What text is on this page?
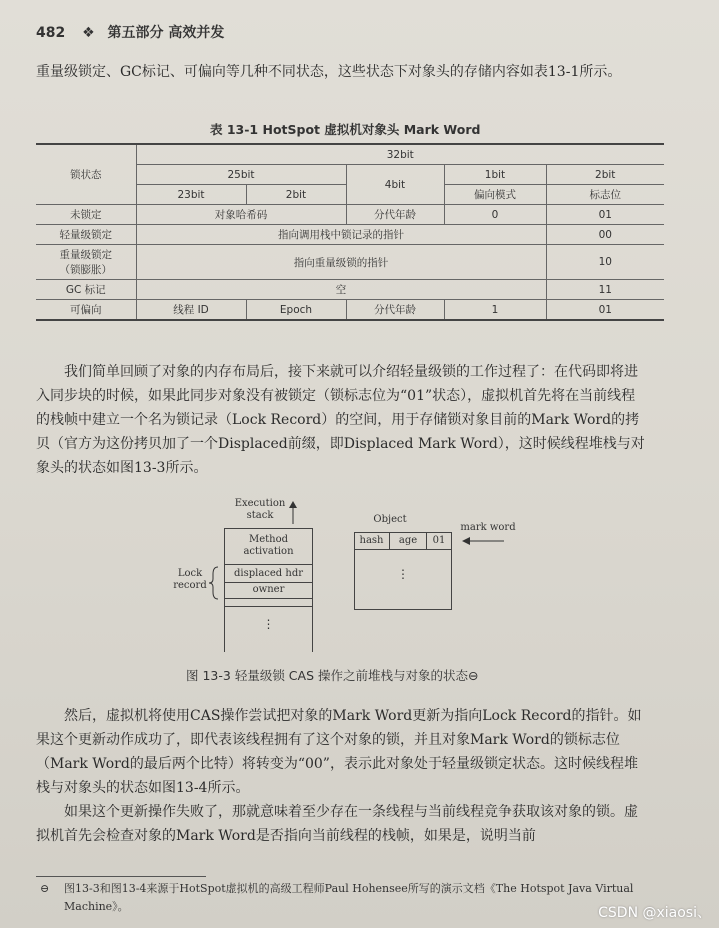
482 ❖ 第五部分 高效并发
重量级锁定、GC标记、可偏向等几种不同状态，这些状态下对象头的存储内容如表13-1所示。
表 13-1 HotSpot 虚拟机对象头 Mark Word
锁状态	32bit				
	25bit		4bit	1bit	2bit
	23bit	2bit		偏向模式	标志位
未锁定	对象哈希码		分代年龄	0	01
轻量级锁定	指向调用栈中锁记录的指针				00

重量级锁定
（锁膨胀）	指向重量级锁的指针				10
GC 标记	空				11
可偏向	线程 ID	Epoch	分代年龄	1	01
我们简单回顾了对象的内存布局后，接下来就可以介绍轻量级锁的工作过程了：在代码即将进入同步块的时候，如果此同步对象没有被锁定（锁标志位为“01”状态），虚拟机首先将在当前线程的栈帧中建立一个名为锁记录（Lock Record）的空间，用于存储锁对象目前的Mark Word的拷贝（官方为这份拷贝加了一个Displaced前缀，即Displaced Mark Word），这时候线程堆栈与对象头的状态如图13-3所示。
Execution
stack
Method
activation
displaced hdr
owner
⋮
Lock
record
Object
hash	age	01
⋮
mark word
图 13-3 轻量级锁 CAS 操作之前堆栈与对象的状态⊖
然后，虚拟机将使用CAS操作尝试把对象的Mark Word更新为指向Lock Record的指针。如果这个更新动作成功了，即代表该线程拥有了这个对象的锁，并且对象Mark Word的锁标志位（Mark Word的最后两个比特）将转变为“00”，表示此对象处于轻量级锁定状态。这时候线程堆栈与对象头的状态如图13-4所示。
如果这个更新操作失败了，那就意味着至少存在一条线程与当前线程竞争获取该对象的锁。虚拟机首先会检查对象的Mark Word是否指向当前线程的栈帧，如果是，说明当前
⊖ 图13-3和图13-4来源于HotSpot虚拟机的高级工程师Paul Hohensee所写的演示文档《The Hotspot Java Virtual Machine》。	CSDN @xiaosi、
